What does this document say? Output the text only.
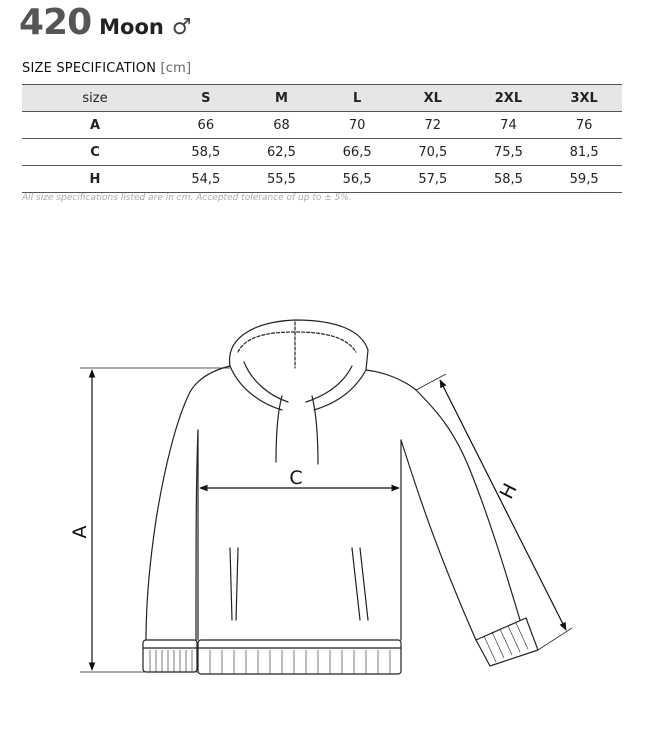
420 Moon ♂
SIZE SPECIFICATION [cm]
size	S	M	L	XL	2XL	3XL
A	66	68	70	72	74	76
C	58,5	62,5	66,5	70,5	75,5	81,5
H	54,5	55,5	56,5	57,5	58,5	59,5
All size specifications listed are in cm. Accepted tolerance of up to ± 5%.
A
C
H
